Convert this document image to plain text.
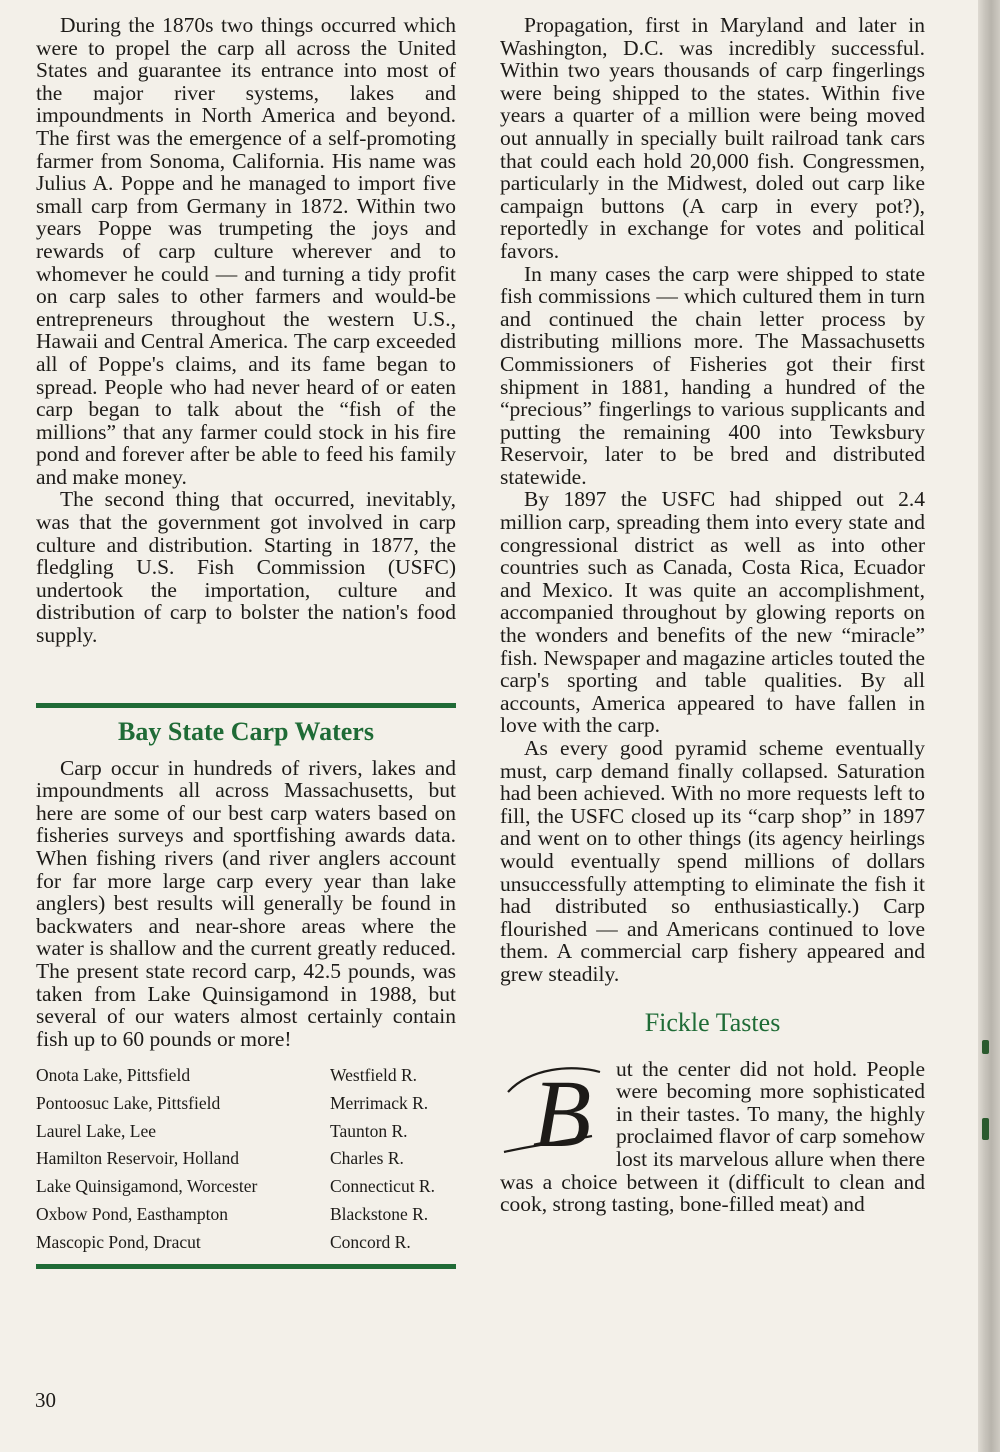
During the 1870s two things occurred which were to propel the carp all across the United States and guarantee its entrance into most of the major river systems, lakes and impoundments in North America and beyond. The first was the emergence of a self-promoting farmer from Sonoma, California. His name was Julius A. Poppe and he managed to import five small carp from Germany in 1872. Within two years Poppe was trumpeting the joys and rewards of carp culture wherever and to whomever he could — and turning a tidy profit on carp sales to other farmers and would-be entrepreneurs throughout the western U.S., Hawaii and Central America. The carp exceeded all of Poppe's claims, and its fame began to spread. People who had never heard of or eaten carp began to talk about the “fish of the millions” that any farmer could stock in his fire pond and forever after be able to feed his family and make money.

The second thing that occurred, inevitably, was that the government got involved in carp culture and distribution. Starting in 1877, the fledgling U.S. Fish Commission (USFC) undertook the importation, culture and distribution of carp to bolster the nation's food supply.

Bay State Carp Waters

Carp occur in hundreds of rivers, lakes and impoundments all across Massachusetts, but here are some of our best carp waters based on fisheries surveys and sportfishing awards data. When fishing rivers (and river anglers account for far more large carp every year than lake anglers) best results will generally be found in backwaters and near-shore areas where the water is shallow and the current greatly reduced. The present state record carp, 42.5 pounds, was taken from Lake Quinsigamond in 1988, but several of our waters almost certainly contain fish up to 60 pounds or more!

Onota Lake, Pittsfield	Westfield R.
Pontoosuc Lake, Pittsfield	Merrimack R.
Laurel Lake, Lee	Taunton R.
Hamilton Reservoir, Holland	Charles R.
Lake Quinsigamond, Worcester	Connecticut R.
Oxbow Pond, Easthampton	Blackstone R.
Mascopic Pond, Dracut	Concord R.

Propagation, first in Maryland and later in Washington, D.C. was incredibly successful. Within two years thousands of carp fingerlings were being shipped to the states. Within five years a quarter of a million were being moved out annually in specially built railroad tank cars that could each hold 20,000 fish. Congressmen, particularly in the Midwest, doled out carp like campaign buttons (A carp in every pot?), reportedly in exchange for votes and political favors.

In many cases the carp were shipped to state fish commissions — which cultured them in turn and continued the chain letter process by distributing millions more. The Massachusetts Commissioners of Fisheries got their first shipment in 1881, handing a hundred of the “precious” fingerlings to various supplicants and putting the remaining 400 into Tewksbury Reservoir, later to be bred and distributed statewide.

By 1897 the USFC had shipped out 2.4 million carp, spreading them into every state and congressional district as well as into other countries such as Canada, Costa Rica, Ecuador and Mexico. It was quite an accomplishment, accompanied throughout by glowing reports on the wonders and benefits of the new “miracle” fish. Newspaper and magazine articles touted the carp's sporting and table qualities. By all accounts, America appeared to have fallen in love with the carp.

As every good pyramid scheme eventually must, carp demand finally collapsed. Saturation had been achieved. With no more requests left to fill, the USFC closed up its “carp shop” in 1897 and went on to other things (its agency heirlings would eventually spend millions of dollars unsuccessfully attempting to eliminate the fish it had distributed so enthusiastically.) Carp flourished — and Americans continued to love them. A commercial carp fishery appeared and grew steadily.

Fickle Tastes

B ut the center did not hold. People were becoming more sophisticated in their tastes. To many, the highly proclaimed flavor of carp somehow lost its marvelous allure when there was a choice between it (difficult to clean and cook, strong tasting, bone-filled meat) and

30
